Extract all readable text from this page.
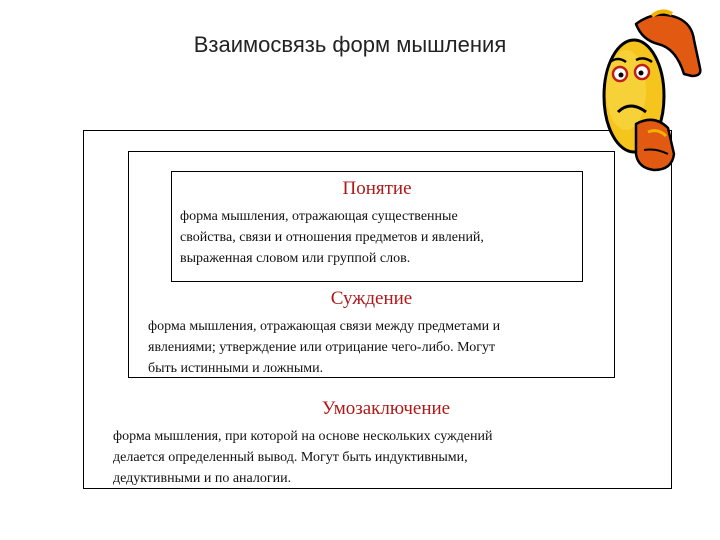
Взаимосвязь форм мышления
Понятие
форма мышления, отражающая существенные
свойства, связи и отношения предметов и явлений,
выраженная словом или группой слов.
Суждение
форма мышления, отражающая связи между предметами и
явлениями; утверждение или отрицание чего-либо. Могут
быть истинными и ложными.
Умозаключение
форма мышления, при которой на основе нескольких суждений
делается определенный вывод. Могут быть индуктивными,
дедуктивными и по аналогии.
